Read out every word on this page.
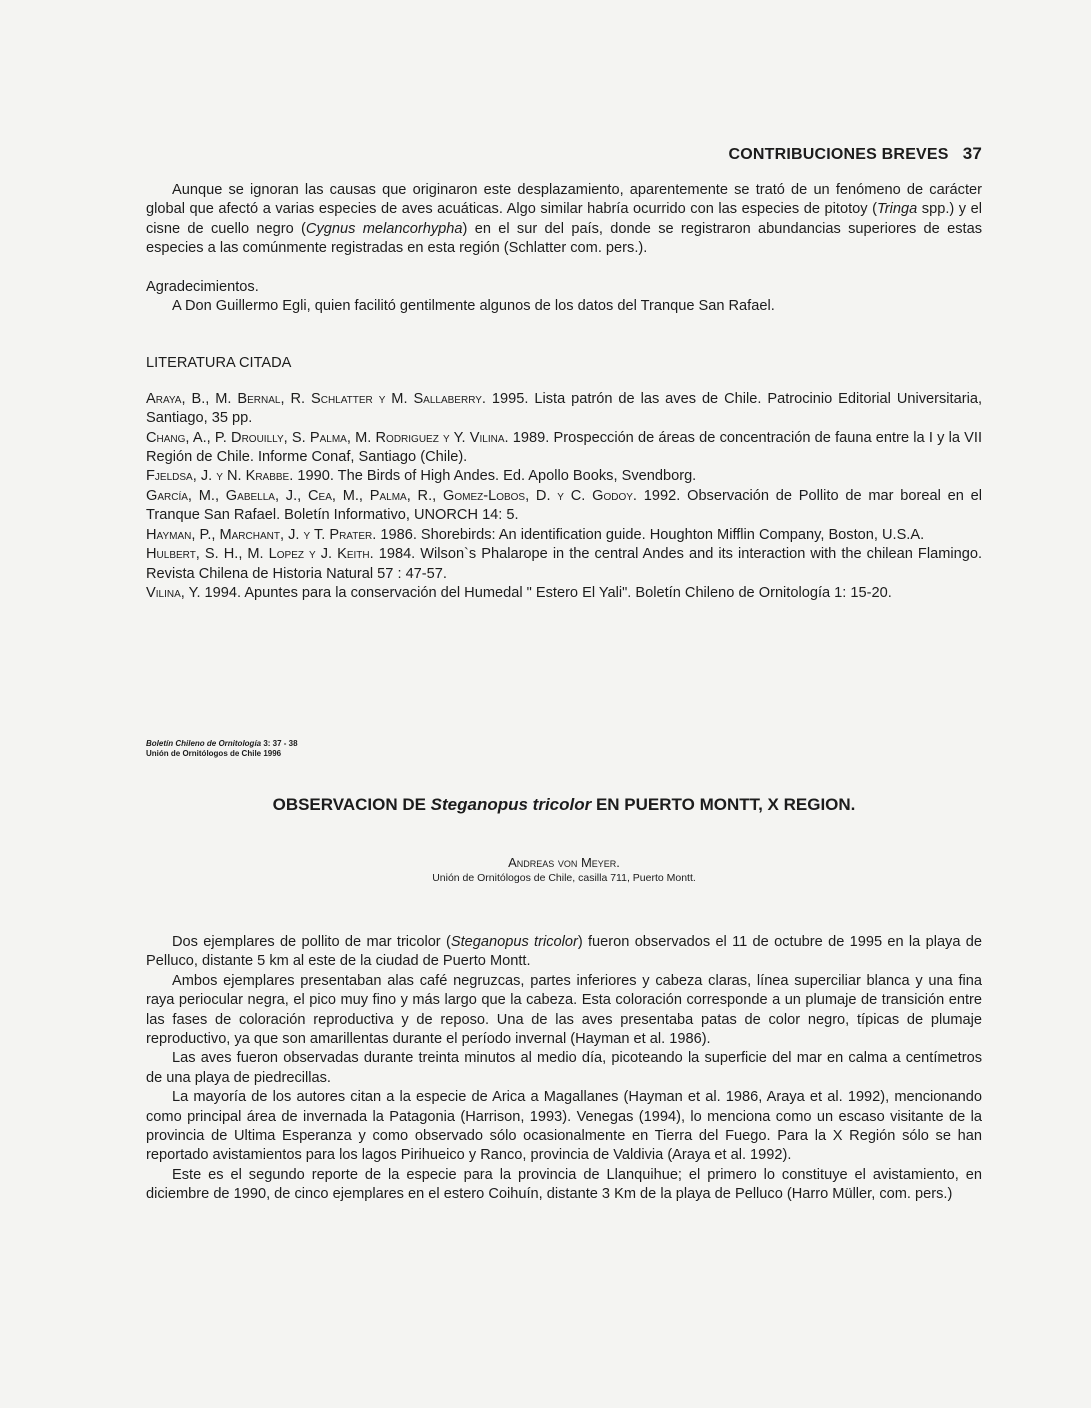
CONTRIBUCIONES BREVES 37

Aunque se ignoran las causas que originaron este desplazamiento, aparentemente se trató de un fenómeno de carácter global que afectó a varias especies de aves acuáticas. Algo similar habría ocurrido con las especies de pitotoy (Tringa spp.) y el cisne de cuello negro (Cygnus melancorhypha) en el sur del país, donde se registraron abundancias superiores de estas especies a las comúnmente registradas en esta región (Schlatter com. pers.).

Agradecimientos.

A Don Guillermo Egli, quien facilitó gentilmente algunos de los datos del Tranque San Rafael.

LITERATURA CITADA

Araya, B., M. Bernal, R. Schlatter y M. Sallaberry. 1995. Lista patrón de las aves de Chile. Patrocinio Editorial Universitaria, Santiago, 35 pp.

Chang, A., P. Drouilly, S. Palma, M. Rodriguez y Y. Vilina. 1989. Prospección de áreas de concentración de fauna entre la I y la VII Región de Chile. Informe Conaf, Santiago (Chile).

Fjeldsa, J. y N. Krabbe. 1990. The Birds of High Andes. Ed. Apollo Books, Svendborg.

García, M., Gabella, J., Cea, M., Palma, R., Gomez-Lobos, D. y C. Godoy. 1992. Observación de Pollito de mar boreal en el Tranque San Rafael. Boletín Informativo, UNORCH 14: 5.

Hayman, P., Marchant, J. y T. Prater. 1986. Shorebirds: An identification guide. Houghton Mifflin Company, Boston, U.S.A.

Hulbert, S. H., M. Lopez y J. Keith. 1984. Wilson`s Phalarope in the central Andes and its interaction with the chilean Flamingo. Revista Chilena de Historia Natural 57 : 47-57.

Vilina, Y. 1994. Apuntes para la conservación del Humedal " Estero El Yali". Boletín Chileno de Ornitología 1: 15-20.

Boletín Chileno de Ornitología 3: 37 - 38
Unión de Ornitólogos de Chile 1996
OBSERVACION DE Steganopus tricolor EN PUERTO MONTT, X REGION.
Andreas von Meyer.
Unión de Ornitólogos de Chile, casilla 711, Puerto Montt.

Dos ejemplares de pollito de mar tricolor (Steganopus tricolor) fueron observados el 11 de octubre de 1995 en la playa de Pelluco, distante 5 km al este de la ciudad de Puerto Montt.

Ambos ejemplares presentaban alas café negruzcas, partes inferiores y cabeza claras, línea superciliar blanca y una fina raya periocular negra, el pico muy fino y más largo que la cabeza. Esta coloración corresponde a un plumaje de transición entre las fases de coloración reproductiva y de reposo. Una de las aves presentaba patas de color negro, típicas de plumaje reproductivo, ya que son amarillentas durante el período invernal (Hayman et al. 1986).

Las aves fueron observadas durante treinta minutos al medio día, picoteando la superficie del mar en calma a centímetros de una playa de piedrecillas.

La mayoría de los autores citan a la especie de Arica a Magallanes (Hayman et al. 1986, Araya et al. 1992), mencionando como principal área de invernada la Patagonia (Harrison, 1993). Venegas (1994), lo menciona como un escaso visitante de la provincia de Ultima Esperanza y como observado sólo ocasionalmente en Tierra del Fuego. Para la X Región sólo se han reportado avistamientos para los lagos Pirihueico y Ranco, provincia de Valdivia (Araya et al. 1992).

Este es el segundo reporte de la especie para la provincia de Llanquihue; el primero lo constituye el avistamiento, en diciembre de 1990, de cinco ejemplares en el estero Coihuín, distante 3 Km de la playa de Pelluco (Harro Müller, com. pers.)
